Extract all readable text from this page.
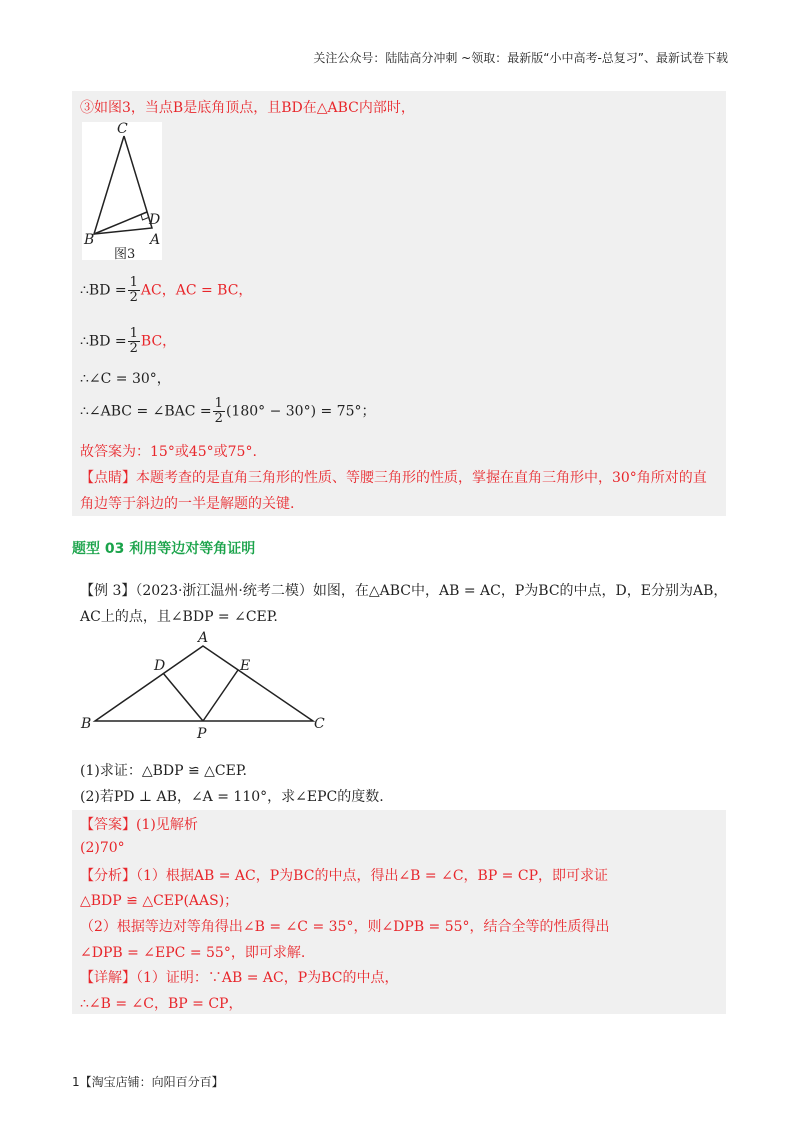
关注公众号：陆陆高分冲刺 ~领取：最新版“小中高考-总复习”、最新试卷下载
③如图3，当点B是底角顶点，且BD在△ABC内部时，
C
D
B	A
图3
∴BD = $\frac{1}{2}$ AC，AC = BC，
∴BD = $\frac{1}{2}$ BC，
∴∠C = 30°，
∴∠ABC = ∠BAC = $\frac{1}{2} (180^\circ - 30^\circ) = 75^\circ$；
故答案为：15°或45°或75°.
【点睛】本题考查的是直角三角形的性质、等腰三角形的性质，掌握在直角三角形中，30°角所对的直
角边等于斜边的一半是解题的关键.
题型 03 利用等边对等角证明
【例 3】（2023·浙江温州·统考二模）如图，在△ABC中，AB = AC，P为BC的中点，D，E分别为AB，
AC上的点，且∠BDP = ∠CEP.
A
D	E
B
P
C
(1)求证：△BDP ≌ △CEP.
(2)若PD ⊥ AB，∠A = 110°，求∠EPC的度数.
【答案】(1)见解析
(2)70°
【分析】（1）根据AB = AC，P为BC的中点，得出∠B = ∠C，BP = CP，即可求证
△BDP ≌ △CEP(AAS)；
（2）根据等边对等角得出∠B = ∠C = 35°，则∠DPB = 55°，结合全等的性质得出
∠DPB = ∠EPC = 55°，即可求解.
【详解】（1）证明：∵AB = AC，P为BC的中点，
∴∠B = ∠C，BP = CP，
1【淘宝店铺：向阳百分百】
